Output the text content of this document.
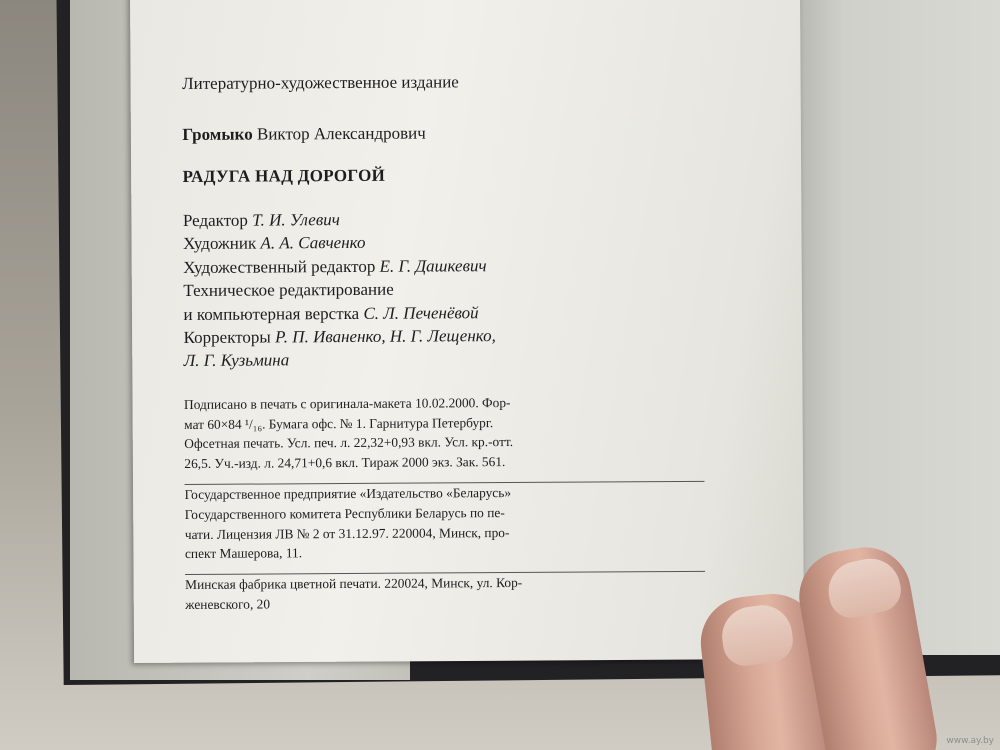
Литературно-художественное издание
Громыко Виктор Александрович
РАДУГА НАД ДОРОГОЙ
Редактор Т. И. Улевич
Художник А. А. Савченко
Художественный редактор Е. Г. Дашкевич
Техническое редактирование
и компьютерная верстка С. Л. Печенёвой
Корректоры Р. П. Иваненко, Н. Г. Лещенко,
Л. Г. Кузьмина
Подписано в печать с оригинала-макета 10.02.2000. Фор-
мат 60×84 ¹/₁₆. Бумага офс. № 1. Гарнитура Петербург.
Офсетная печать. Усл. печ. л. 22,32+0,93 вкл. Усл. кр.-отт.
26,5. Уч.-изд. л. 24,71+0,6 вкл. Тираж 2000 экз. Зак. 561.
Государственное предприятие «Издательство «Беларусь»
Государственного комитета Республики Беларусь по пе-
чати. Лицензия ЛВ № 2 от 31.12.97. 220004, Минск, про-
спект Машерова, 11.
Минская фабрика цветной печати. 220024, Минск, ул. Кор-
женевского, 20
www.ay.by
